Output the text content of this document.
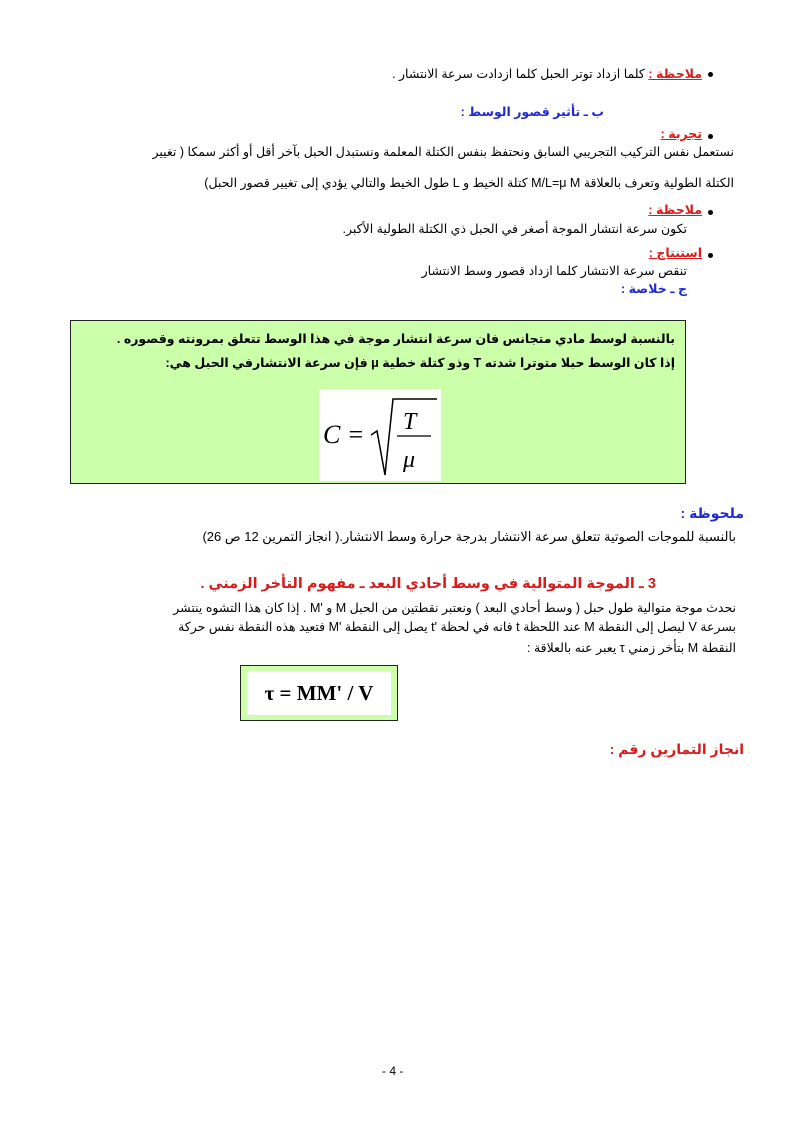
ملاحظة : كلما ازداد توتر الحبل كلما ازدادت سرعة الانتشار .
ب ـ تأثير قصور الوسط :
تجربة :
نستعمل نفس التركيب التجريبي السابق ونحتفظ بنفس الكتلة المعلمة ونستبدل الحبل بآخر أقل أو أكثر سمكا ( تغيير
الكتلة الطولية وتعرف بالعلاقة M/L=μ M كتلة الخيط و L طول الخيط والتالي يؤدي إلى تغيير قصور الحبل)
ملاحظة :
تكون سرعة انتشار الموجة أصغر في الحبل ذي الكتلة الطولية الأكبر.
استنتاج :
تنقص سرعة الانتشار كلما ازداد قصور وسط الانتشار
ج ـ خلاصة :
بالنسبة لوسط مادي متجانس فان سرعة انتشار موجة في هذا الوسط تتعلق بمرونته وقصوره .
إذا كان الوسط حبلا متوترا شدته T وذو كتلة خطية μ فإن سرعة الانتشارفي الحبل هي:
C = T
μ
ملحوظة :
بالنسبة للموجات الصوتية تتعلق سرعة الانتشار بدرجة حرارة وسط الانتشار.( انجاز التمرين 12 ص 26)
3 ـ الموجة المتوالية في وسط أحادي البعد ـ مفهوم التأخر الزمني .
نحدث موجة متوالية طول حبل ( وسط أحادي البعد ) ونعتبر نقطتين من الحبل M و 'M . إذا كان هذا التشوه ينتشر
بسرعة V ليصل إلى النقطة M عند اللحظة t فانه في لحظة 't يصل إلى النقطة 'M فتعيد هذه النقطة نفس حركة
النقطة M بتأخر زمني τ يعبر عنه بالعلاقة :
τ = MM' / V
انجاز التمارين رقم :
- 4 -
